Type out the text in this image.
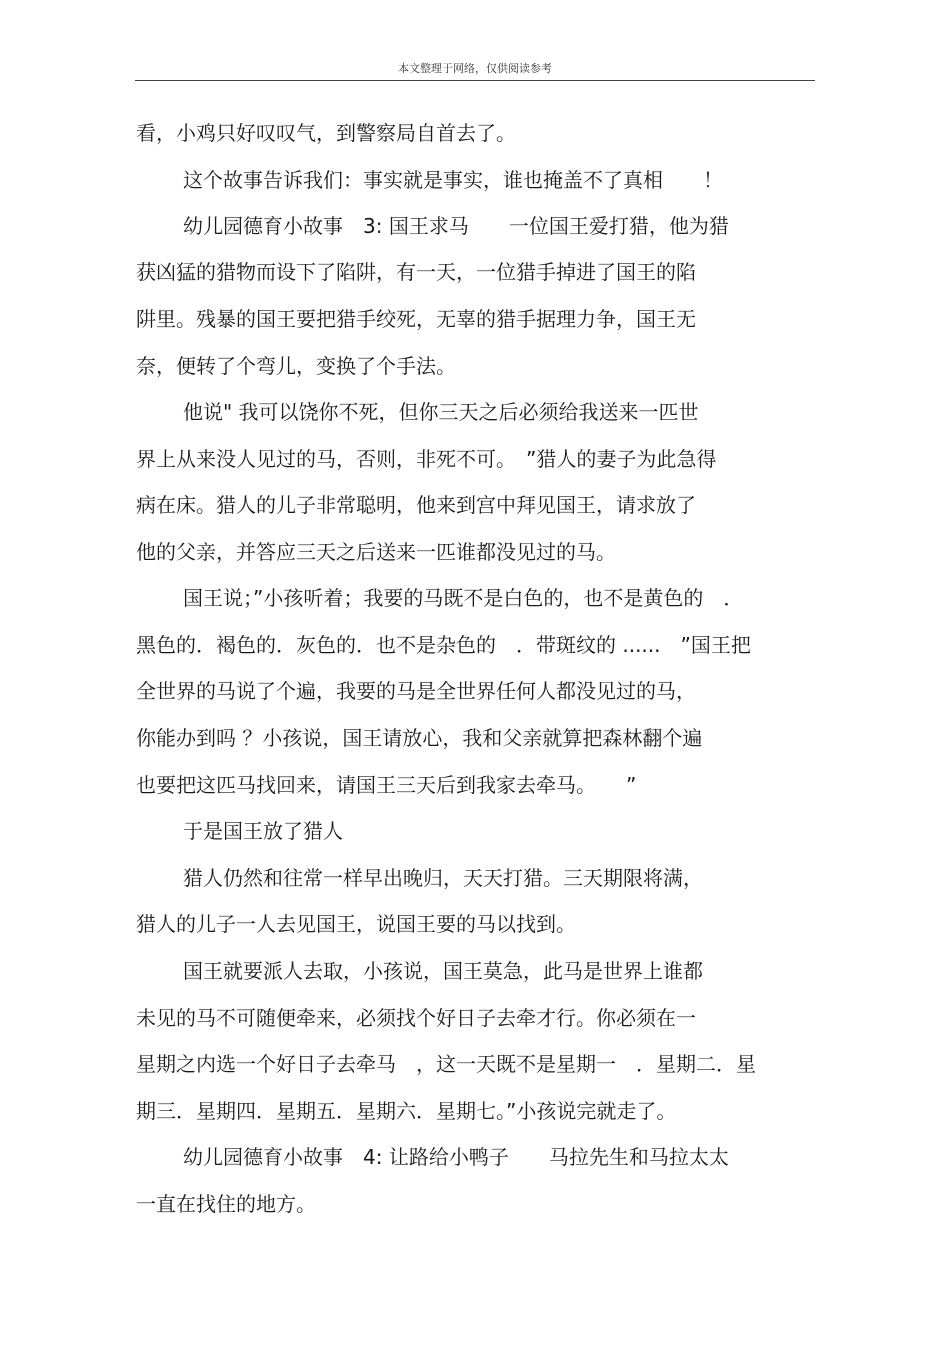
本文整理于网络，仅供阅读参考
看，小鸡只好叹叹气，到警察局自首去了。
这个故事告诉我们：事实就是事实，谁也掩盖不了真相　　！
幼儿园德育小故事　3: 国王求马　　一位国王爱打猎，他为猎
获凶猛的猎物而设下了陷阱，有一天，一位猎手掉进了国王的陷
阱里。残暴的国王要把猎手绞死，无辜的猎手据理力争，国王无
奈，便转了个弯儿，变换了个手法。
他说" 我可以饶你不死，但你三天之后必须给我送来一匹世
界上从来没人见过的马，否则，非死不可。　”猎人的妻子为此急得
病在床。猎人的儿子非常聪明，他来到宫中拜见国王，请求放了
他的父亲，并答应三天之后送来一匹谁都没见过的马。
国王说；”小孩听着；我要的马既不是白色的，也不是黄色的　．
黑色的．褐色的．灰色的．也不是杂色的　．带斑纹的 ......　”国王把
全世界的马说了个遍，我要的马是全世界任何人都没见过的马，
你能办到吗 ？小孩说，国王请放心，我和父亲就算把森林翻个遍
也要把这匹马找回来，请国王三天后到我家去牵马。　　”
于是国王放了猎人
猎人仍然和往常一样早出晚归，天天打猎。三天期限将满，
猎人的儿子一人去见国王，说国王要的马以找到。
国王就要派人去取，小孩说，国王莫急，此马是世界上谁都
未见的马不可随便牵来，必须找个好日子去牵才行。你必须在一
星期之内选一个好日子去牵马　，这一天既不是星期一　．星期二．星
期三．星期四．星期五．星期六．星期七。”小孩说完就走了。
幼儿园德育小故事　4: 让路给小鸭子　　马拉先生和马拉太太
一直在找住的地方。
